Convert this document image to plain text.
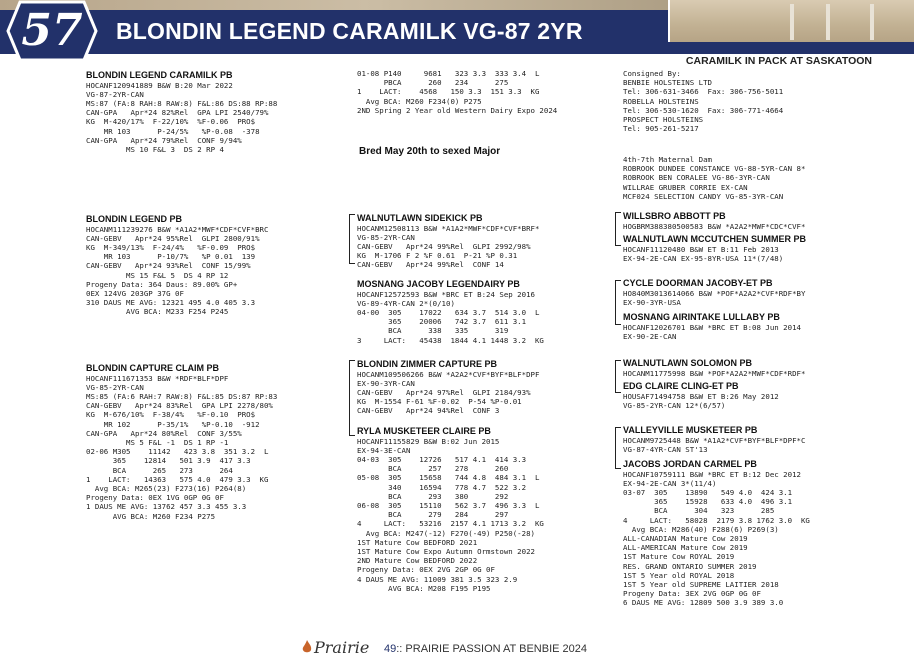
57	BLONDIN LEGEND CARAMILK VG-87 2YR
CARAMILK IN PACK AT SASKATOON
BLONDIN LEGEND CARAMILK PB
HOCANF120941889 B&W B:20 Mar 2022
VG-87-2YR-CAN
MS:87 (FA:8 RAH:8 RAW:8) F&L:86 DS:88 RP:88
CAN-GPA   Apr*24 82%Rel  GPA LPI 2540/79%
KG  M-420/17%  F-22/10%  %F-0.06  PRO$
MR 103      P-24/5%   %P-0.08  -378
CAN-GPA   Apr*24 79%Rel  CONF 9/94%
MS 10 F&L 3  DS 2 RP 4
BLONDIN LEGEND PB
HOCANM111239276 B&W *A1A2*MWF*CDF*CVF*BRC
CAN-GEBV   Apr*24 95%Rel  GLPI 2800/91%
KG  M-349/13%  F-24/4%   %F-0.09  PRO$
MR 103      P-10/7%   %P 0.01  139
CAN-GEBV   Apr*24 93%Rel  CONF 15/99%
MS 15 F&L 5  DS 4 RP 12
Progeny Data: 364 Daus: 89.00% GP+
0EX 124VG 203GP 37G 0F
310 DAUS ME AVG: 12321 495 4.0 405 3.3
AVG BCA: M233 F254 P245
BLONDIN CAPTURE CLAIM PB
HOCANF111671353 B&W *RDF*BLF*DPF
VG-85-2YR-CAN
MS:85 (FA:6 RAH:7 RAW:8) F&L:85 DS:87 RP:83
CAN-GEBV   Apr*24 83%Rel  GPA LPI 2278/80%
KG  M-676/10%  F-38/4%   %F-0.10  PRO$
MR 102      P-35/1%   %P-0.10  -912
CAN-GPA   Apr*24 80%Rel  CONF 3/55%
MS 5 F&L -1  DS 1 RP -1
02-06 M305    11142   423 3.8  351 3.2  L
365    12814   501 3.9  417 3.3
BCA      265   273      264
1    LACT:   14363   575 4.0  479 3.3  KG
Avg BCA: M265(23) F273(16) P264(8)
Progeny Data: 0EX 1VG 0GP 0G 0F
1 DAUS ME AVG: 13762 457 3.3 455 3.3
AVG BCA: M260 F234 P275
01-08 P140     9681   323 3.3  333 3.4  L
PBCA      260   234      275
1    LACT:    4568   150 3.3  151 3.3  KG
Avg BCA: M260 F234(0) P275
2ND Spring 2 Year old Western Dairy Expo 2024
Bred May 20th to sexed Major
WALNUTLAWN SIDEKICK PB
HOCANM12508113 B&W *A1A2*MWF*CDF*CVF*BRF*
VG-85-2YR-CAN
CAN-GEBV   Apr*24 99%Rel  GLPI 2992/98%
KG  M-1706 F 2 %F 0.61  P-21 %P 0.31
CAN-GEBV   Apr*24 99%Rel  CONF 14
MOSNANG JACOBY LEGENDAIRY PB
HOCANF12572593 B&W *BRC ET B:24 Sep 2016
VG-89-4YR-CAN 2*(0/10)
04-00  305    17022   634 3.7  514 3.0  L
365    20006   742 3.7  611 3.1
BCA      338   335      319
3     LACT:   45438  1844 4.1 1448 3.2  KG
BLONDIN ZIMMER CAPTURE PB
HOCANM109506266 B&W *A2A2*CVF*BYF*BLF*DPF
EX-90-3YR-CAN
CAN-GEBV   Apr*24 97%Rel  GLPI 2184/93%
KG  M-1554 F-61 %F-0.02  P-54 %P-0.01
CAN-GEBV   Apr*24 94%Rel  CONF 3
RYLA MUSKETEER CLAIRE PB
HOCANF11155829 B&W B:02 Jun 2015
EX-94-3E-CAN
04-03  305    12726   517 4.1  414 3.3
BCA      257   278      260
05-08  305    15658   744 4.8  484 3.1  L
340    16594   778 4.7  522 3.2
BCA      293   380      292
06-08  305    15110   562 3.7  496 3.3  L
BCA      279   284      297
4     LACT:   53216  2157 4.1 1713 3.2  KG
Avg BCA: M247(-12) F270(-49) P250(-28)
1ST Mature Cow BEDFORD 2021
1ST Mature Cow Expo Autumn Ormstown 2022
2ND Mature Cow BEDFORD 2022
Progeny Data: 0EX 2VG 2GP 0G 0F
4 DAUS ME AVG: 11009 381 3.5 323 2.9
AVG BCA: M208 F195 P195
Consigned By:
BENBIE HOLSTEINS LTD
Tel: 306-631-3466  Fax: 306-756-5011
ROBELLA HOLSTEINS
Tel: 306-530-1620  Fax: 306-771-4664
PROSPECT HOLSTEINS
Tel: 905-261-5217
4th-7th Maternal Dam
ROBROOK DUNDEE CONSTANCE VG-88-5YR-CAN 8*
ROBROOK BEN CORALEE VG-86-3YR-CAN
WILLRAE GRUBER CORRIE EX-CAN
MCF024 SELECTION CANDY VG-85-3YR-CAN
WILLSBRO ABBOTT PB
HOGBRM388380500583 B&W *A2A2*MWF*CDC*CVF*
WALNUTLAWN MCCUTCHEN SUMMER PB
HOCANF11120480 B&W ET B:11 Feb 2013
EX-94-2E-CAN EX-95-8YR-USA 11*(7/48)
CYCLE DOORMAN JACOBY-ET PB
HO840M3013614066 B&W *POF*A2A2*CVF*RDF*BY
EX-90-3YR-USA
MOSNANG AIRINTAKE LULLABY PB
HOCANF12026701 B&W *BRC ET B:08 Jun 2014
EX-90-2E-CAN
WALNUTLAWN SOLOMON PB
HOCANM11775998 B&W *POF*A2A2*MWF*CDF*RDF*
EDG CLAIRE CLING-ET PB
HOUSAF71494758 B&W ET B:26 May 2012
VG-85-2YR-CAN 12*(6/57)
VALLEYVILLE MUSKETEER PB
HOCANM9725448 B&W *A1A2*CVF*BYF*BLF*DPF*C
VG-87-4YR-CAN ST'13
JACOBS JORDAN CARMEL PB
HOCANF10759111 B&W *BRC ET B:12 Dec 2012
EX-94-2E-CAN 3*(11/4)
03-07  305    13890   549 4.0  424 3.1
365    15928   633 4.0  496 3.1
BCA      304   323      285
4     LACT:   58028  2179 3.8 1762 3.0  KG
Avg BCA: M286(40) F288(6) P269(3)
ALL-CANADIAN Mature Cow 2019
ALL-AMERICAN Mature Cow 2019
1ST Mature Cow ROYAL 2019
RES. GRAND ONTARIO SUMMER 2019
1ST 5 Year old ROYAL 2018
1ST 5 Year old SUPREME LAITIER 2018
Progeny Data: 3EX 2VG 0GP 0G 0F
6 DAUS ME AVG: 12809 500 3.9 389 3.0
Prairie 49:: PRAIRIE PASSION AT BENBIE 2024
